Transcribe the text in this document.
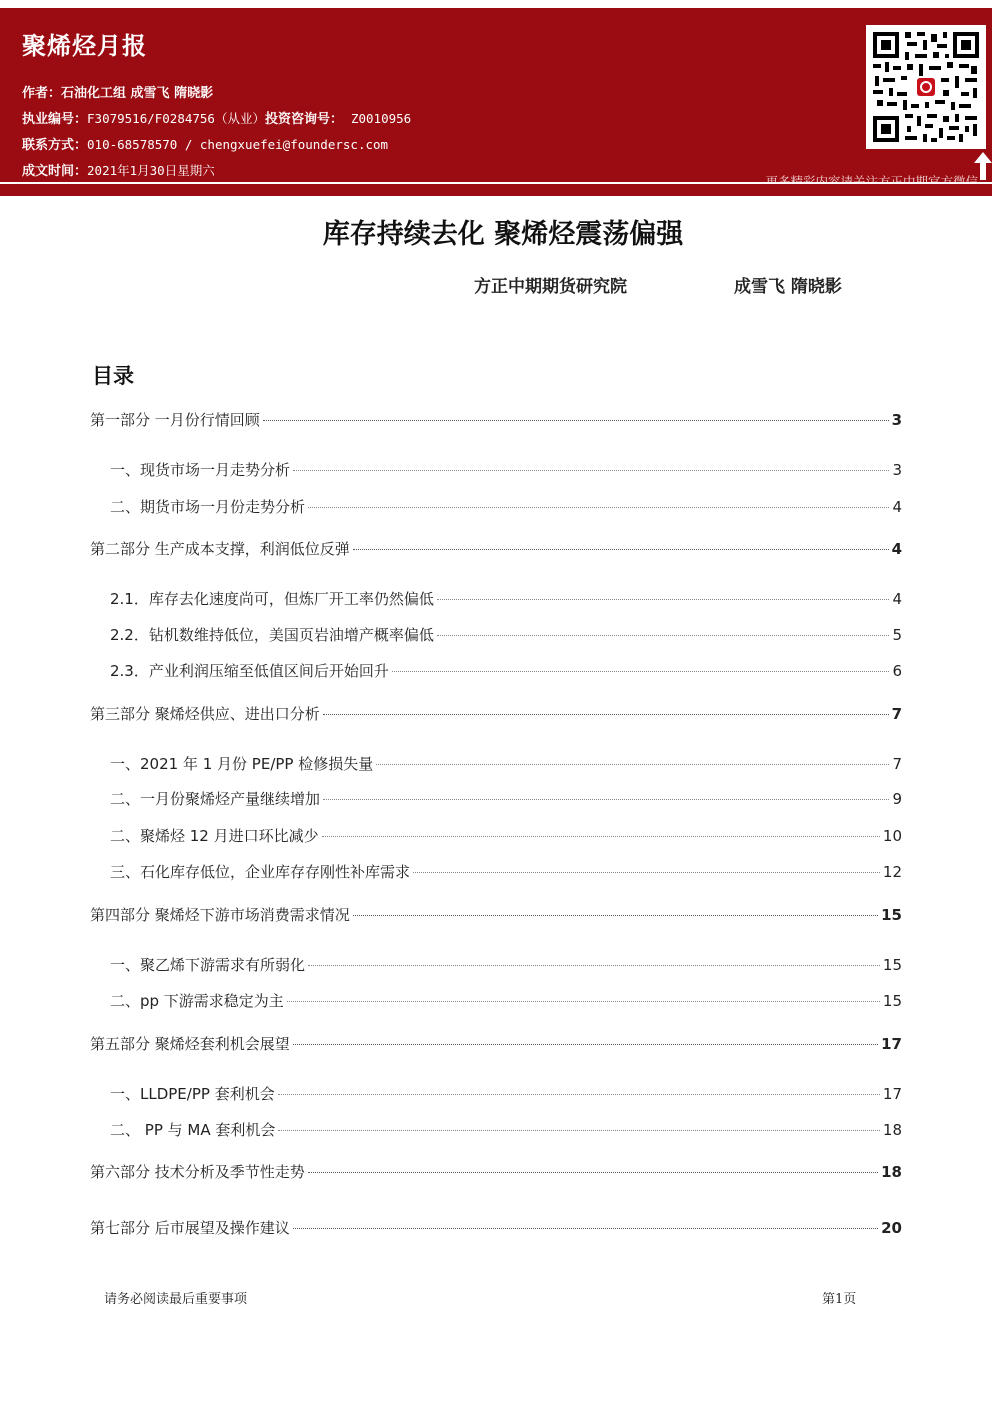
聚烯烃月报
作者：石油化工组 成雪飞 隋晓影
执业编号：F3079516/F0284756（从业）投资咨询号： Z0010956
联系方式：010-68578570 / chengxuefei@foundersc.com
成文时间：2021年1月30日星期六
库存持续去化 聚烯烃震荡偏强
方正中期期货研究院	成雪飞 隋晓影
目录
第一部分 一月份行情回顾	3
一、现货市场一月走势分析	3
二、期货市场一月份走势分析	4
第二部分 生产成本支撑，利润低位反弹	4
2.1．库存去化速度尚可，但炼厂开工率仍然偏低	4
2.2．钻机数维持低位，美国页岩油增产概率偏低	5
2.3．产业利润压缩至低值区间后开始回升	6
第三部分 聚烯烃供应、进出口分析	7
一、2021 年 1 月份 PE/PP 检修损失量	7
二、一月份聚烯烃产量继续增加	9
二、聚烯烃 12 月进口环比减少	10
三、石化库存低位，企业库存存刚性补库需求	12
第四部分 聚烯烃下游市场消费需求情况	15
一、聚乙烯下游需求有所弱化	15
二、pp 下游需求稳定为主	15
第五部分 聚烯烃套利机会展望	17
一、LLDPE/PP 套利机会	17
二、 PP 与 MA 套利机会	18
第六部分 技术分析及季节性走势	18
第七部分 后市展望及操作建议	20
请务必阅读最后重要事项	第1页
